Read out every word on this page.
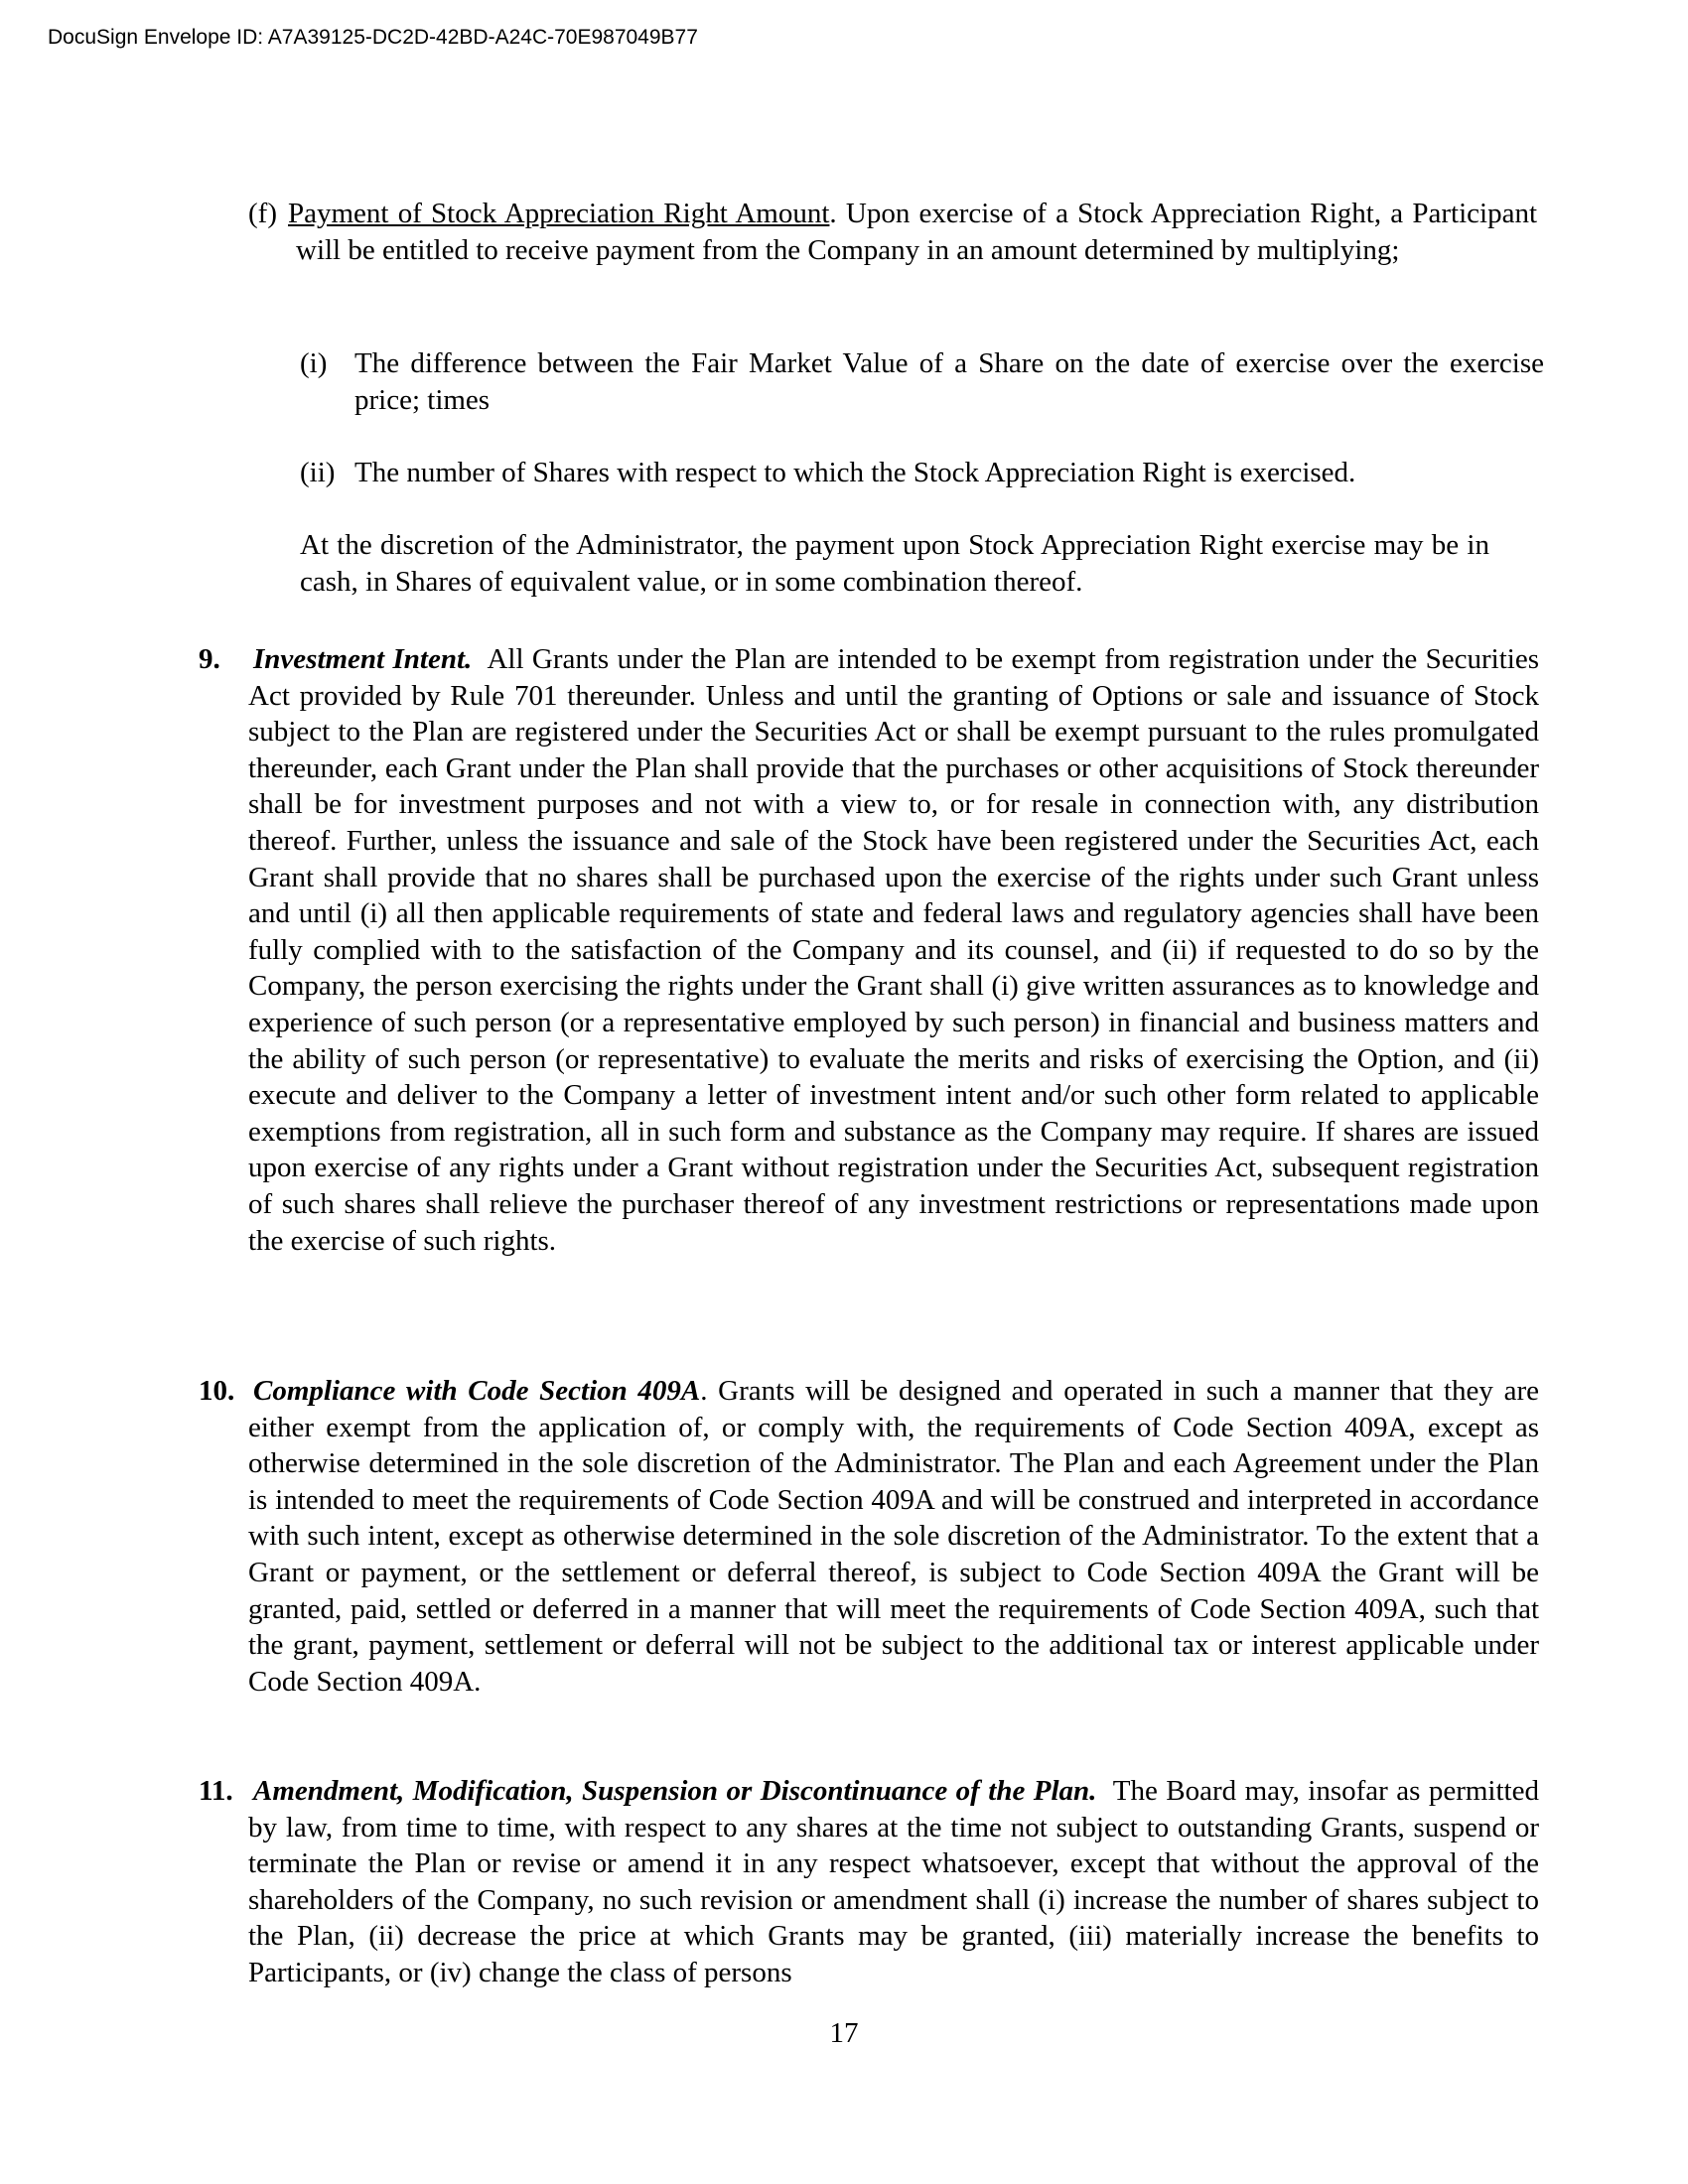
DocuSign Envelope ID: A7A39125-DC2D-42BD-A24C-70E987049B77

(f) Payment of Stock Appreciation Right Amount. Upon exercise of a Stock Appreciation Right, a Participant will be entitled to receive payment from the Company in an amount determined by multiplying;

(i) The difference between the Fair Market Value of a Share on the date of exercise over the exercise price; times

(ii) The number of Shares with respect to which the Stock Appreciation Right is exercised.

At the discretion of the Administrator, the payment upon Stock Appreciation Right exercise may be in cash, in Shares of equivalent value, or in some combination thereof.

9. Investment Intent. All Grants under the Plan are intended to be exempt from registration under the Securities Act provided by Rule 701 thereunder. Unless and until the granting of Options or sale and issuance of Stock subject to the Plan are registered under the Securities Act or shall be exempt pursuant to the rules promulgated thereunder, each Grant under the Plan shall provide that the purchases or other acquisitions of Stock thereunder shall be for investment purposes and not with a view to, or for resale in connection with, any distribution thereof. Further, unless the issuance and sale of the Stock have been registered under the Securities Act, each Grant shall provide that no shares shall be purchased upon the exercise of the rights under such Grant unless and until (i) all then applicable requirements of state and federal laws and regulatory agencies shall have been fully complied with to the satisfaction of the Company and its counsel, and (ii) if requested to do so by the Company, the person exercising the rights under the Grant shall (i) give written assurances as to knowledge and experience of such person (or a representative employed by such person) in financial and business matters and the ability of such person (or representative) to evaluate the merits and risks of exercising the Option, and (ii) execute and deliver to the Company a letter of investment intent and/or such other form related to applicable exemptions from registration, all in such form and substance as the Company may require. If shares are issued upon exercise of any rights under a Grant without registration under the Securities Act, subsequent registration of such shares shall relieve the purchaser thereof of any investment restrictions or representations made upon the exercise of such rights.

10. Compliance with Code Section 409A. Grants will be designed and operated in such a manner that they are either exempt from the application of, or comply with, the requirements of Code Section 409A, except as otherwise determined in the sole discretion of the Administrator. The Plan and each Agreement under the Plan is intended to meet the requirements of Code Section 409A and will be construed and interpreted in accordance with such intent, except as otherwise determined in the sole discretion of the Administrator. To the extent that a Grant or payment, or the settlement or deferral thereof, is subject to Code Section 409A the Grant will be granted, paid, settled or deferred in a manner that will meet the requirements of Code Section 409A, such that the grant, payment, settlement or deferral will not be subject to the additional tax or interest applicable under Code Section 409A.

11. Amendment, Modification, Suspension or Discontinuance of the Plan. The Board may, insofar as permitted by law, from time to time, with respect to any shares at the time not subject to outstanding Grants, suspend or terminate the Plan or revise or amend it in any respect whatsoever, except that without the approval of the shareholders of the Company, no such revision or amendment shall (i) increase the number of shares subject to the Plan, (ii) decrease the price at which Grants may be granted, (iii) materially increase the benefits to Participants, or (iv) change the class of persons

17
